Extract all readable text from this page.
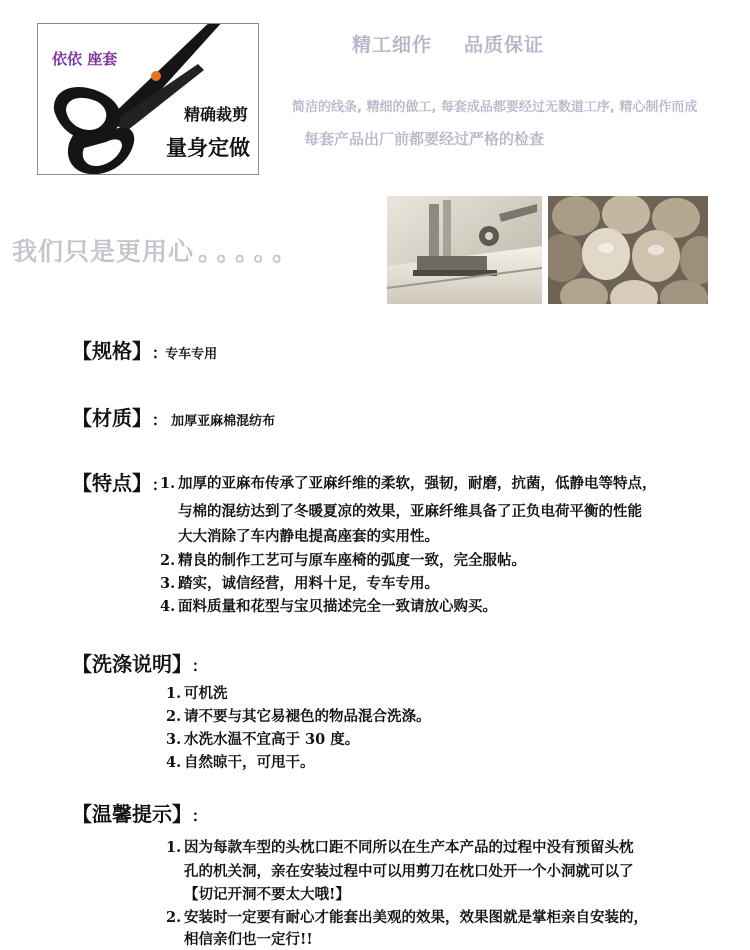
依依 座套
精确裁剪
量身定做
精工细作 品质保证
简洁的线条, 精细的做工, 每套成品都要经过无数道工序, 精心制作而成
每套产品出厂前都要经过严格的检查
我们只是更用心 。。。。。
【规格】: 专车专用
【材质】: 加厚亚麻棉混纺布
【特点】: 1. 加厚的亚麻布传承了亚麻纤维的柔软，强韧，耐磨，抗菌，低静电等特点，
与棉的混纺达到了冬暖夏凉的效果，亚麻纤维具备了正负电荷平衡的性能
大大消除了车内静电提高座套的实用性。
2. 精良的制作工艺可与原车座椅的弧度一致，完全服帖。
3. 踏实，诚信经营，用料十足，专车专用。
4. 面料质量和花型与宝贝描述完全一致请放心购买。
【洗涤说明】:
1. 可机洗
2. 请不要与其它易褪色的物品混合洗涤。
3. 水洗水温不宜高于 30 度。
4. 自然晾干，可甩干。
【温馨提示】:
1. 因为每款车型的头枕口距不同所以在生产本产品的过程中没有预留头枕
孔的机关洞，亲在安装过程中可以用剪刀在枕口处开一个小洞就可以了
【切记开洞不要太大哦!】
2. 安装时一定要有耐心才能套出美观的效果，效果图就是掌柜亲自安装的，
相信亲们也一定行!!
